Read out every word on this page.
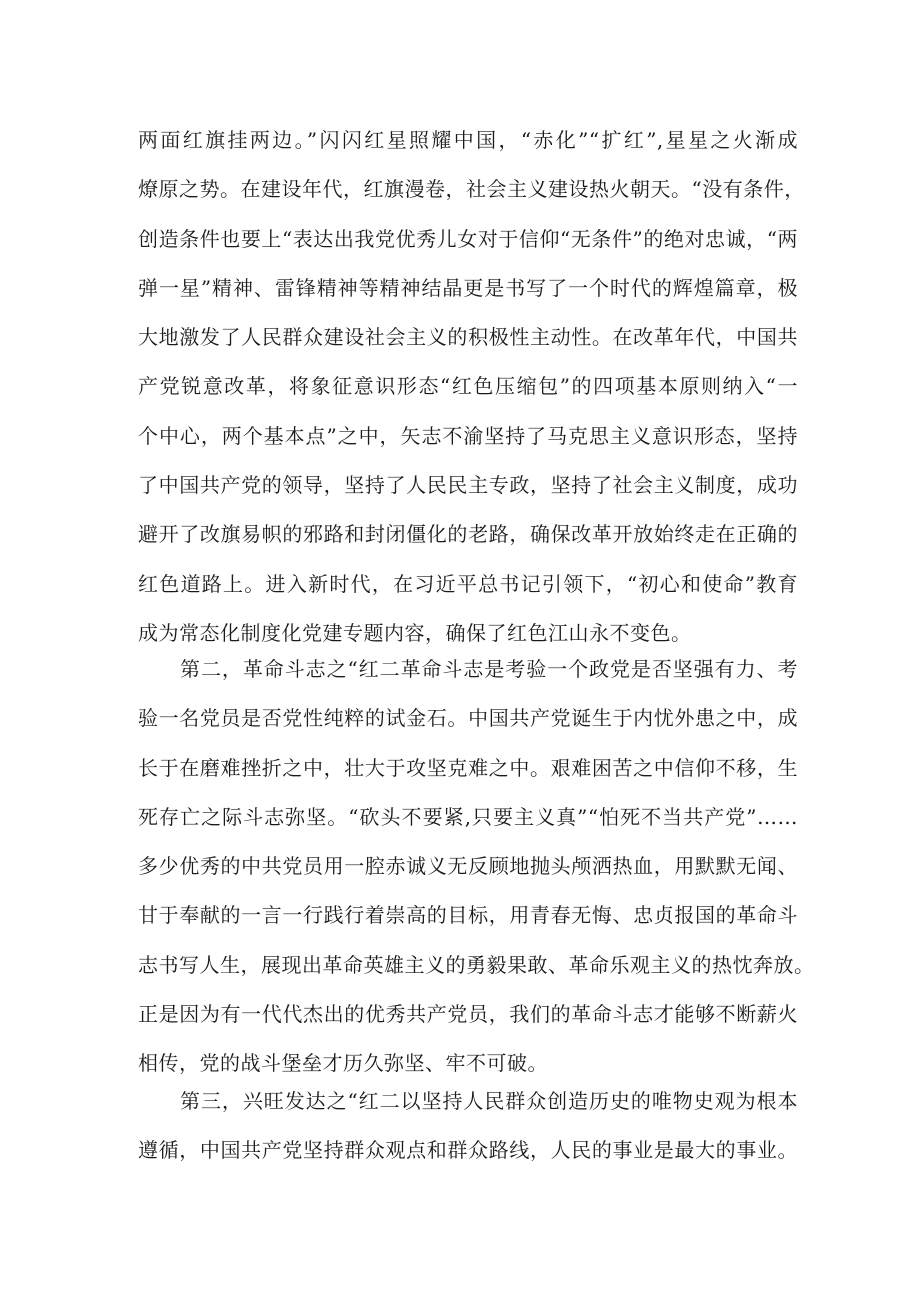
两面红旗挂两边。”闪闪红星照耀中国，“赤化”“扩红”,星星之火渐成
燎原之势。在建设年代，红旗漫卷，社会主义建设热火朝天。“没有条件，
创造条件也要上“表达出我党优秀儿女对于信仰“无条件”的绝对忠诚，“两
弹一星”精神、雷锋精神等精神结晶更是书写了一个时代的辉煌篇章，极
大地激发了人民群众建设社会主义的积极性主动性。在改革年代，中国共
产党锐意改革，将象征意识形态“红色压缩包”的四项基本原则纳入“一
个中心，两个基本点”之中，矢志不渝坚持了马克思主义意识形态，坚持
了中国共产党的领导，坚持了人民民主专政，坚持了社会主义制度，成功
避开了改旗易帜的邪路和封闭僵化的老路，确保改革开放始终走在正确的
红色道路上。进入新时代，在习近平总书记引领下，“初心和使命”教育
成为常态化制度化党建专题内容，确保了红色江山永不变色。
第二，革命斗志之“红二革命斗志是考验一个政党是否坚强有力、考
验一名党员是否党性纯粹的试金石。中国共产党诞生于内忧外患之中，成
长于在磨难挫折之中，壮大于攻坚克难之中。艰难困苦之中信仰不移，生
死存亡之际斗志弥坚。“砍头不要紧,只要主义真”“怕死不当共产党”……
多少优秀的中共党员用一腔赤诚义无反顾地抛头颅洒热血，用默默无闻、
甘于奉献的一言一行践行着崇高的目标，用青春无悔、忠贞报国的革命斗
志书写人生，展现出革命英雄主义的勇毅果敢、革命乐观主义的热忱奔放。
正是因为有一代代杰出的优秀共产党员，我们的革命斗志才能够不断薪火
相传，党的战斗堡垒才历久弥坚、牢不可破。
第三，兴旺发达之“红二以坚持人民群众创造历史的唯物史观为根本
遵循，中国共产党坚持群众观点和群众路线，人民的事业是最大的事业。
